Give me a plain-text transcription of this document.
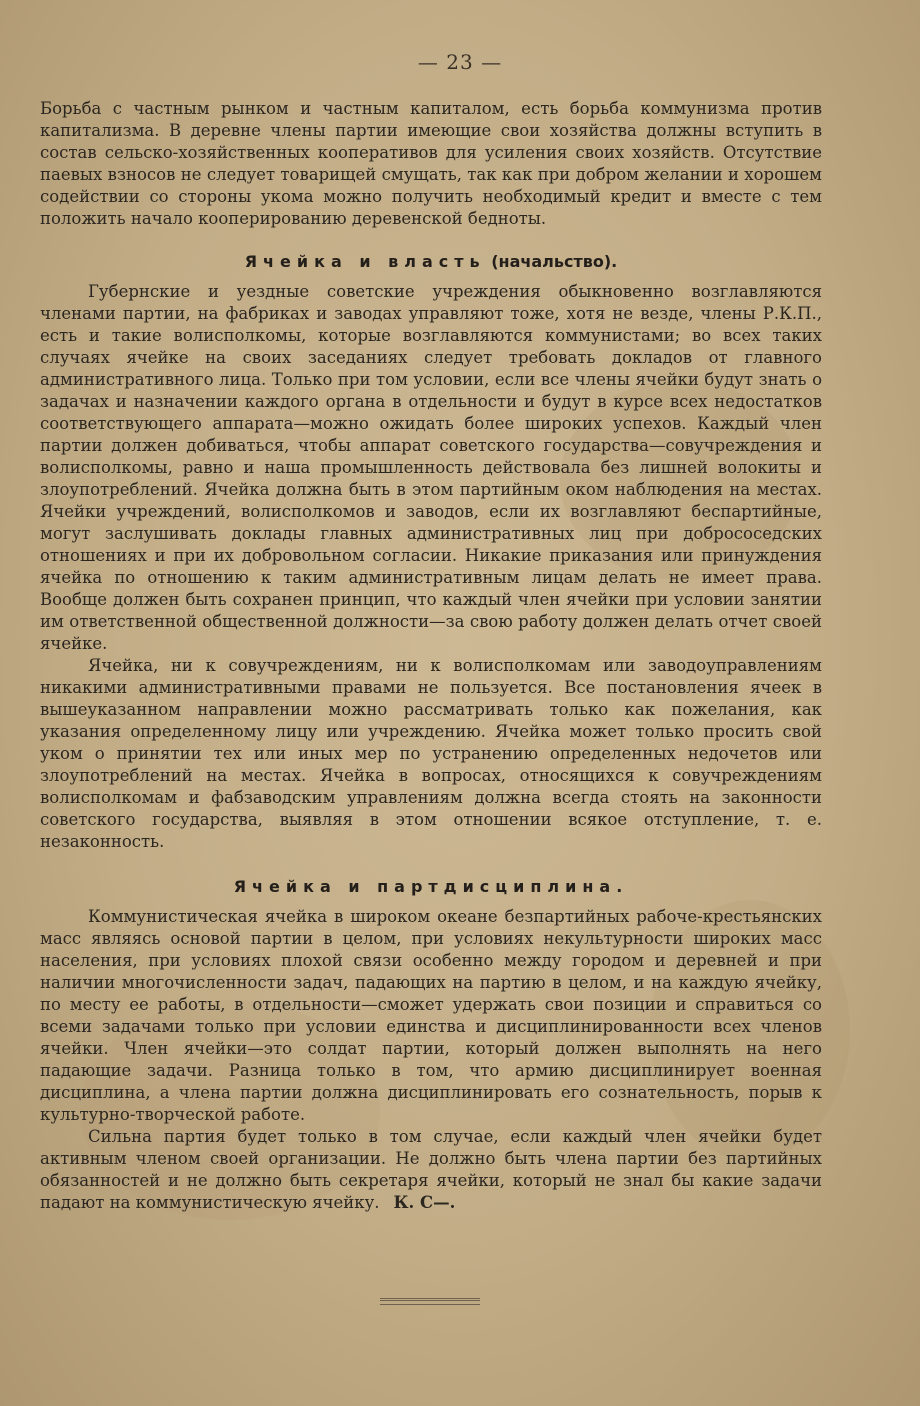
— 23 —

Борьба с частным рынком и частным капиталом, есть борьба коммунизма против капитализма. В деревне члены партии имеющие свои хозяйства должны вступить в состав сельско-хозяйственных кооперативов для усиления своих хозяйств. Отсутствие паевых взносов не следует товарищей смущать, так как при добром желании и хорошем содействии со стороны укома можно получить необходимый кредит и вместе с тем положить начало кооперированию деревенской бедноты.

Ячейка и власть (начальство).

Губернские и уездные советские учреждения обыкновенно возглавляются членами партии, на фабриках и заводах управляют тоже, хотя не везде, члены Р.К.П., есть и такие волисполкомы, которые возглавляются коммунистами; во всех таких случаях ячейке на своих заседаниях следует требовать докладов от главного административного лица. Только при том условии, если все члены ячейки будут знать о задачах и назначении каждого органа в отдельности и будут в курсе всех недостатков соответствующего аппарата—можно ожидать более широких успехов. Каждый член партии должен добиваться, чтобы аппарат советского государства—совучреждения и волисполкомы, равно и наша промышленность действовала без лишней волокиты и злоупотреблений. Ячейка должна быть в этом партийным оком наблюдения на местах. Ячейки учреждений, волисполкомов и заводов, если их возглавляют беспартийные, могут заслушивать доклады главных административных лиц при добрососедских отношениях и при их добровольном согласии. Никакие приказания или принуждения ячейка по отношению к таким административным лицам делать не имеет права. Вообще должен быть сохранен принцип, что каждый член ячейки при условии занятии им ответственной общественной должности—за свою работу должен делать отчет своей ячейке.

Ячейка, ни к совучреждениям, ни к волисполкомам или заводоуправлениям никакими административными правами не пользуется. Все постановления ячеек в вышеуказанном направлении можно рассматривать только как пожелания, как указания определенному лицу или учреждению. Ячейка может только просить свой уком о принятии тех или иных мер по устранению определенных недочетов или злоупотреблений на местах. Ячейка в вопросах, относящихся к совучреждениям волисполкомам и фабзаводским управлениям должна всегда стоять на законности советского государства, выявляя в этом отношении всякое отступление, т. е. незаконность.

Ячейка и партдисциплина.

Коммунистическая ячейка в широком океане безпартийных рабоче-крестьянских масс являясь основой партии в целом, при условиях некультурности широких масс населения, при условиях плохой связи особенно между городом и деревней и при наличии многочисленности задач, падающих на партию в целом, и на каждую ячейку, по месту ее работы, в отдельности—сможет удержать свои позиции и справиться со всеми задачами только при условии единства и дисциплинированности всех членов ячейки. Член ячейки—это солдат партии, который должен выполнять на него падающие задачи. Разница только в том, что армию дисциплинирует военная дисциплина, а члена партии должна дисциплинировать его сознательность, порыв к культурно-творческой работе.

Сильна партия будет только в том случае, если каждый член ячейки будет активным членом своей организации. Не должно быть члена партии без партийных обязанностей и не должно быть секретаря ячейки, который не знал бы какие задачи падают на коммунистическую ячейку. К. С—.
